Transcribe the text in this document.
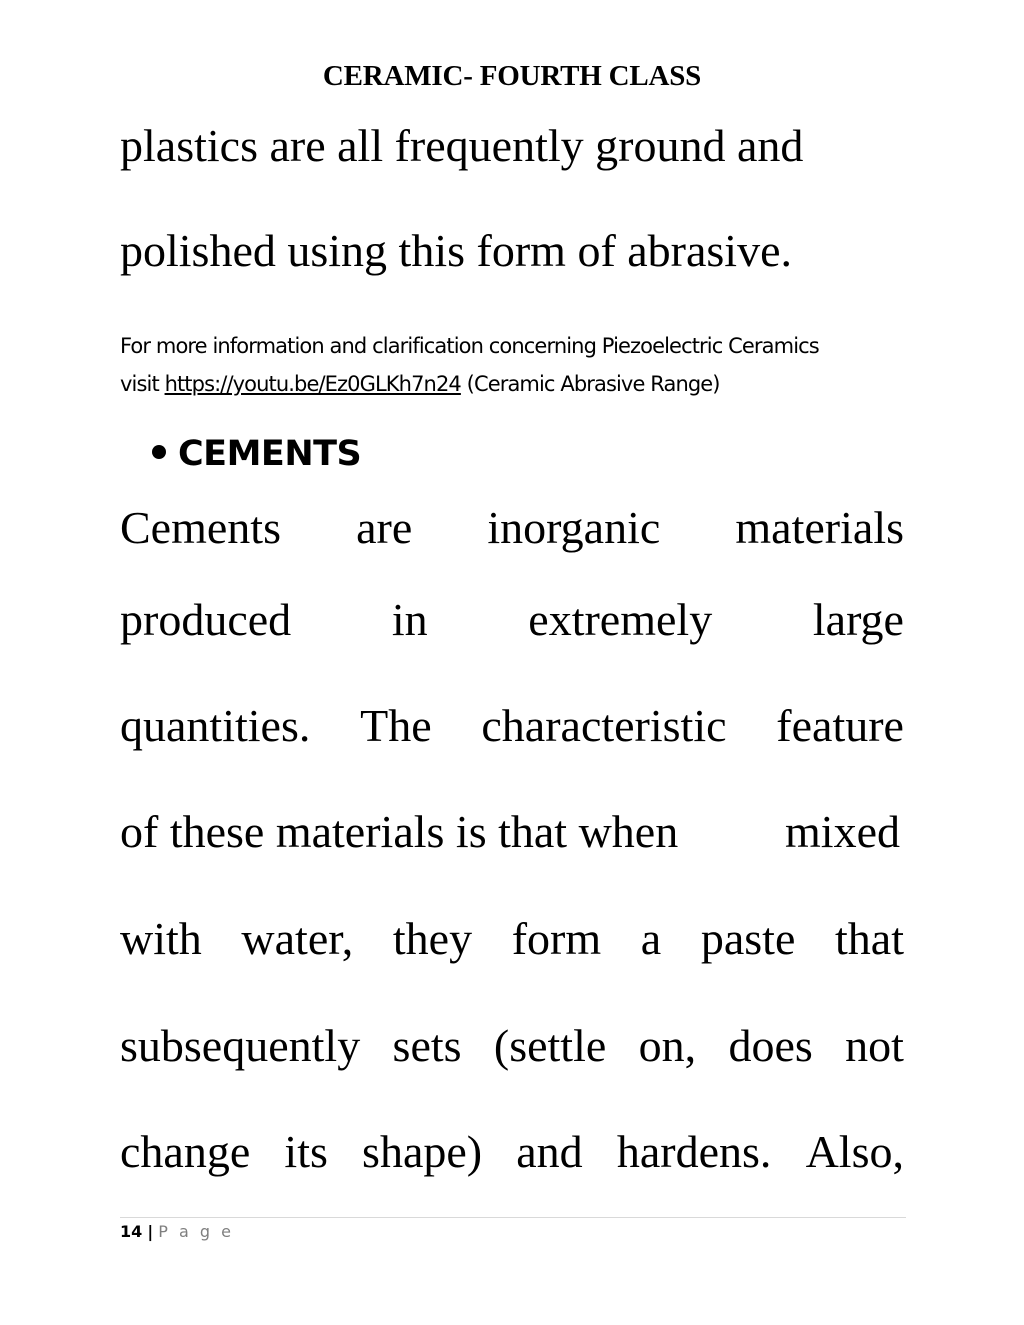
CERAMIC- FOURTH CLASS
plastics are all frequently ground and
polished using this form of abrasive.
For more information and clarification concerning Piezoelectric Ceramics
visit https://youtu.be/Ez0GLKh7n24 (Ceramic Abrasive Range)
CEMENTS
Cements are inorganic materials
produced in extremely large
quantities. The characteristic feature
of these materials is that when mixed
with water, they form a paste that
subsequently sets (settle on, does not
change its shape) and hardens. Also,
14 | P a g e
